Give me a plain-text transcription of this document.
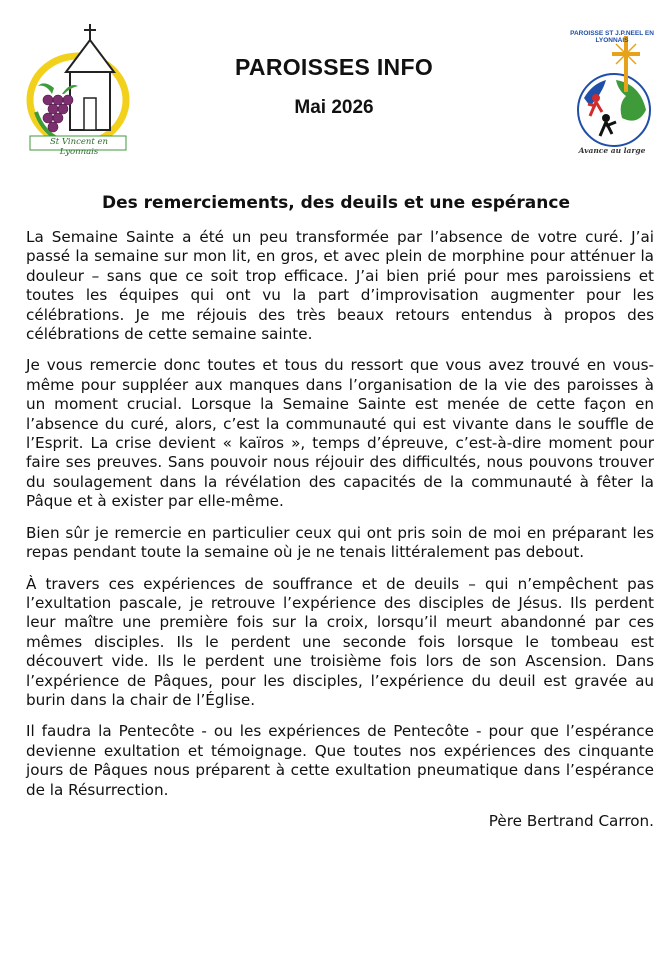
St Vincent en Lyonnais
PAROISSES INFO
Mai 2026
PAROISSE ST J.P.NEEL EN LYONNAIS
Avance au large
Des remerciements, des deuils et une espérance

La Semaine Sainte a été un peu transformée par l’absence de votre curé. J’ai passé la semaine sur mon lit, en gros, et avec plein de morphine pour atténuer la douleur – sans que ce soit trop efficace. J’ai bien prié pour mes paroissiens et toutes les équipes qui ont vu la part d’improvisation augmenter pour les célébrations. Je me réjouis des très beaux retours entendus à propos des célébrations de cette semaine sainte.

Je vous remercie donc toutes et tous du ressort que vous avez trouvé en vous-même pour suppléer aux manques dans l’organisation de la vie des paroisses à un moment crucial. Lorsque la Semaine Sainte est menée de cette façon en l’absence du curé, alors, c’est la communauté qui est vivante dans le souffle de l’Esprit. La crise devient « kaïros », temps d’épreuve, c’est-à-dire moment pour faire ses preuves. Sans pouvoir nous réjouir des difficultés, nous pouvons trouver du soulagement dans la révélation des capacités de la communauté à fêter la Pâque et à exister par elle-même.

Bien sûr je remercie en particulier ceux qui ont pris soin de moi en préparant les repas pendant toute la semaine où je ne tenais littéralement pas debout.

À travers ces expériences de souffrance et de deuils – qui n’empêchent pas l’exultation pascale, je retrouve l’expérience des disciples de Jésus. Ils perdent leur maître une première fois sur la croix, lorsqu’il meurt abandonné par ces mêmes disciples. Ils le perdent une seconde fois lorsque le tombeau est découvert vide. Ils le perdent une troisième fois lors de son Ascension. Dans l’expérience de Pâques, pour les disciples, l’expérience du deuil est gravée au burin dans la chair de l’Église.

Il faudra la Pentecôte - ou les expériences de Pentecôte - pour que l’espérance devienne exultation et témoignage. Que toutes nos expériences des cinquante jours de Pâques nous préparent à cette exultation pneumatique dans l’espérance de la Résurrection.

Père Bertrand Carron.
